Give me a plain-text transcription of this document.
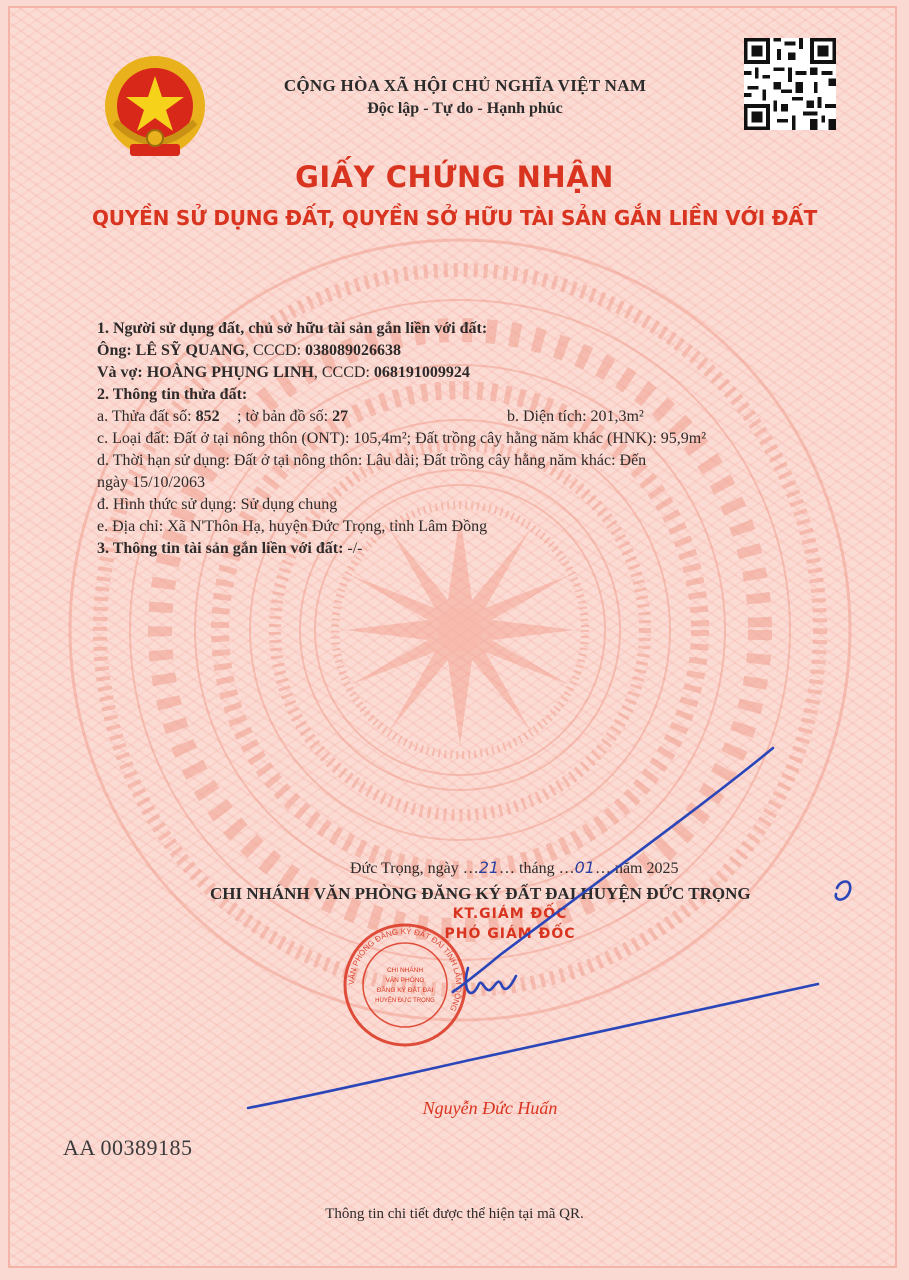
CỘNG HÒA XÃ HỘI CHỦ NGHĨA VIỆT NAM
Độc lập - Tự do - Hạnh phúc
GIẤY CHỨNG NHẬN
QUYỀN SỬ DỤNG ĐẤT, QUYỀN SỞ HỮU TÀI SẢN GẮN LIỀN VỚI ĐẤT
1. Người sử dụng đất, chủ sở hữu tài sản gắn liền với đất:
Ông: LÊ SỸ QUANG, CCCD: 038089026638
Và vợ: HOÀNG PHỤNG LINH, CCCD: 068191009924
2. Thông tin thửa đất:
a. Thửa đất số: 852 ; tờ bản đồ số: 27	b. Diện tích: 201,3m²
c. Loại đất: Đất ở tại nông thôn (ONT): 105,4m²; Đất trồng cây hằng năm khác (HNK): 95,9m²
d. Thời hạn sử dụng: Đất ở tại nông thôn: Lâu dài; Đất trồng cây hằng năm khác: Đến
ngày 15/10/2063
đ. Hình thức sử dụng: Sử dụng chung
e. Địa chỉ: Xã N'Thôn Hạ, huyện Đức Trọng, tỉnh Lâm Đồng
3. Thông tin tài sản gắn liền với đất: -/-
Đức Trọng, ngày …21… tháng …01… năm 2025
CHI NHÁNH VĂN PHÒNG ĐĂNG KÝ ĐẤT ĐAI HUYỆN ĐỨC TRỌNG
KT.GIÁM ĐỐC
PHÓ GIÁM ĐỐC
VĂN PHÒNG ĐĂNG KÝ ĐẤT ĐAI TỈNH LÂM ĐỒNG
CHI NHÁNH
VĂN PHÒNG
ĐĂNG KÝ ĐẤT ĐAI
HUYỆN ĐỨC TRỌNG
Nguyễn Đức Huấn
AA 00389185
Thông tin chi tiết được thể hiện tại mã QR.
